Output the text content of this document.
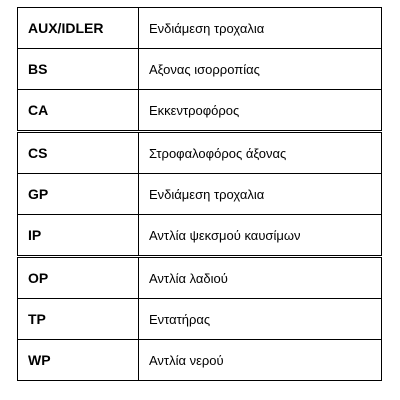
AUX/IDLER	Ενδιάμεση τροχαλια
BS	Αξονας ισορροπίας
CA	Εκκεντροφόρος
CS	Στροφαλοφόρος άξονας
GP	Ενδιάμεση τροχαλια
IP	Αντλία ψεκσμού καυσίμων
OP	Αντλία λαδιού
TP	Εντατήρας
WP	Αντλία νερού
